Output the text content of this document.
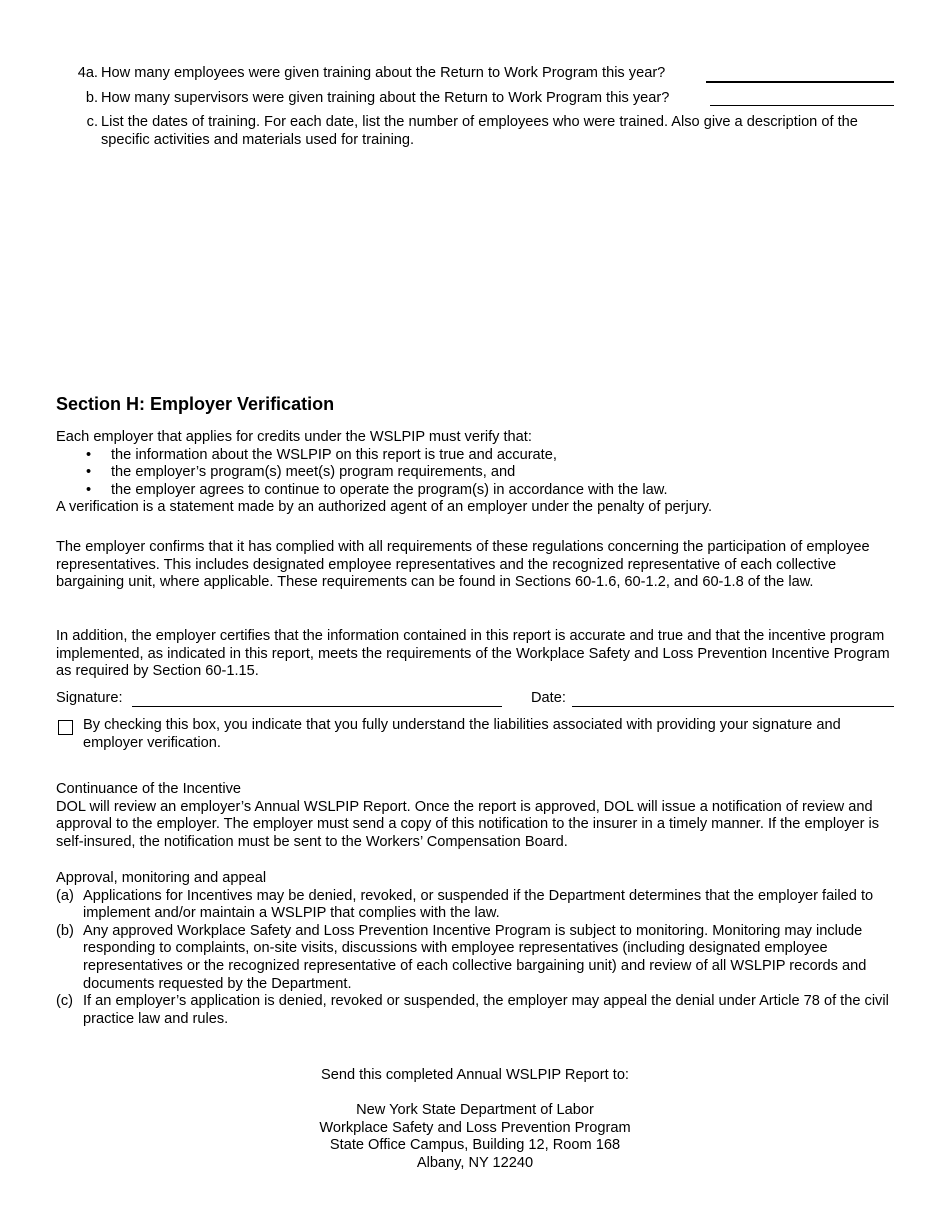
4a. How many employees were given training about the Return to Work Program this year?
b. How many supervisors were given training about the Return to Work Program this year?
c. List the dates of training. For each date, list the number of employees who were trained. Also give a description of the specific activities and materials used for training.
Section H: Employer Verification
Each employer that applies for credits under the WSLPIP must verify that:
• the information about the WSLPIP on this report is true and accurate,
• the employer’s program(s) meet(s) program requirements, and
• the employer agrees to continue to operate the program(s) in accordance with the law.
A verification is a statement made by an authorized agent of an employer under the penalty of perjury.
The employer confirms that it has complied with all requirements of these regulations concerning the participation of employee representatives. This includes designated employee representatives and the recognized representative of each collective bargaining unit, where applicable. These requirements can be found in Sections 60-1.6, 60-1.2, and 60-1.8 of the law.
In addition, the employer certifies that the information contained in this report is accurate and true and that the incentive program implemented, as indicated in this report, meets the requirements of the Workplace Safety and Loss Prevention Incentive Program as required by Section 60-1.15.
Signature:	Date:
By checking this box, you indicate that you fully understand the liabilities associated with providing your signature and employer verification.
Continuance of the Incentive
DOL will review an employer’s Annual WSLPIP Report. Once the report is approved, DOL will issue a notification of review and approval to the employer. The employer must send a copy of this notification to the insurer in a timely manner. If the employer is self-insured, the notification must be sent to the Workers’ Compensation Board.
Approval, monitoring and appeal
(a) Applications for Incentives may be denied, revoked, or suspended if the Department determines that the employer failed to implement and/or maintain a WSLPIP that complies with the law.
(b) Any approved Workplace Safety and Loss Prevention Incentive Program is subject to monitoring. Monitoring may include responding to complaints, on-site visits, discussions with employee representatives (including designated employee representatives or the recognized representative of each collective bargaining unit) and review of all WSLPIP records and documents requested by the Department.
(c) If an employer’s application is denied, revoked or suspended, the employer may appeal the denial under Article 78 of the civil practice law and rules.
Send this completed Annual WSLPIP Report to:
New York State Department of Labor
Workplace Safety and Loss Prevention Program
State Office Campus, Building 12, Room 168
Albany, NY 12240
